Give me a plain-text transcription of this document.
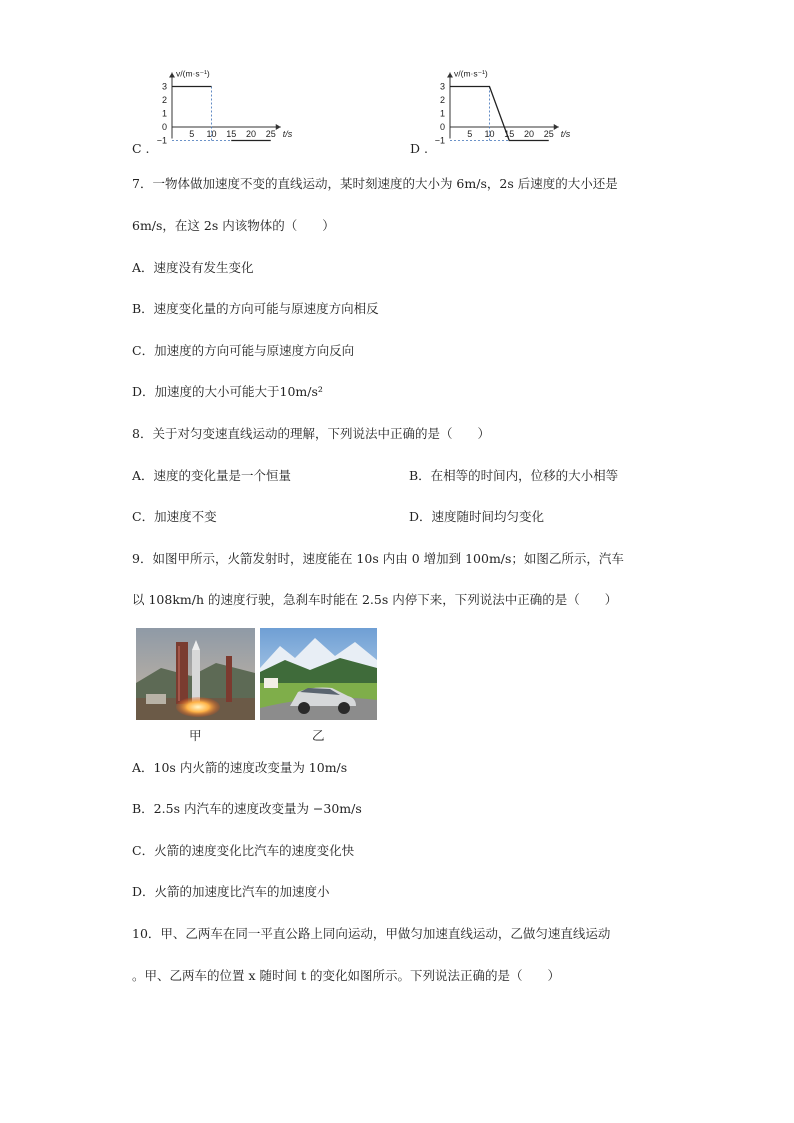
C .
v/(m·s⁻¹)
t/s
3
2
1
0
−1
5 10 15 20 25
D .
v/(m·s⁻¹)
t/s
3
2
1
0
−1
5 10 15 20 25
7．一物体做加速度不变的直线运动，某时刻速度的大小为 6m/s，2s 后速度的大小还是
6m/s，在这 2s 内该物体的（　　）
A．速度没有发生变化
B．速度变化量的方向可能与原速度方向相反
C．加速度的方向可能与原速度方向反向
D．加速度的大小可能大于10m/s²
8．关于对匀变速直线运动的理解，下列说法中正确的是（　　）
A．速度的变化量是一个恒量	B．在相等的时间内，位移的大小相等
C．加速度不变	D．速度随时间均匀变化
9．如图甲所示，火箭发射时，速度能在 10s 内由 0 增加到 100m/s；如图乙所示，汽车
以 108km/h 的速度行驶，急刹车时能在 2.5s 内停下来，下列说法中正确的是（　　）
甲	乙
A．10s 内火箭的速度改变量为 10m/s
B．2.5s 内汽车的速度改变量为 −30m/s
C．火箭的速度变化比汽车的速度变化快
D．火箭的加速度比汽车的加速度小
10．甲、乙两车在同一平直公路上同向运动，甲做匀加速直线运动，乙做匀速直线运动
。甲、乙两车的位置 x 随时间 t 的变化如图所示。下列说法正确的是（　　）
